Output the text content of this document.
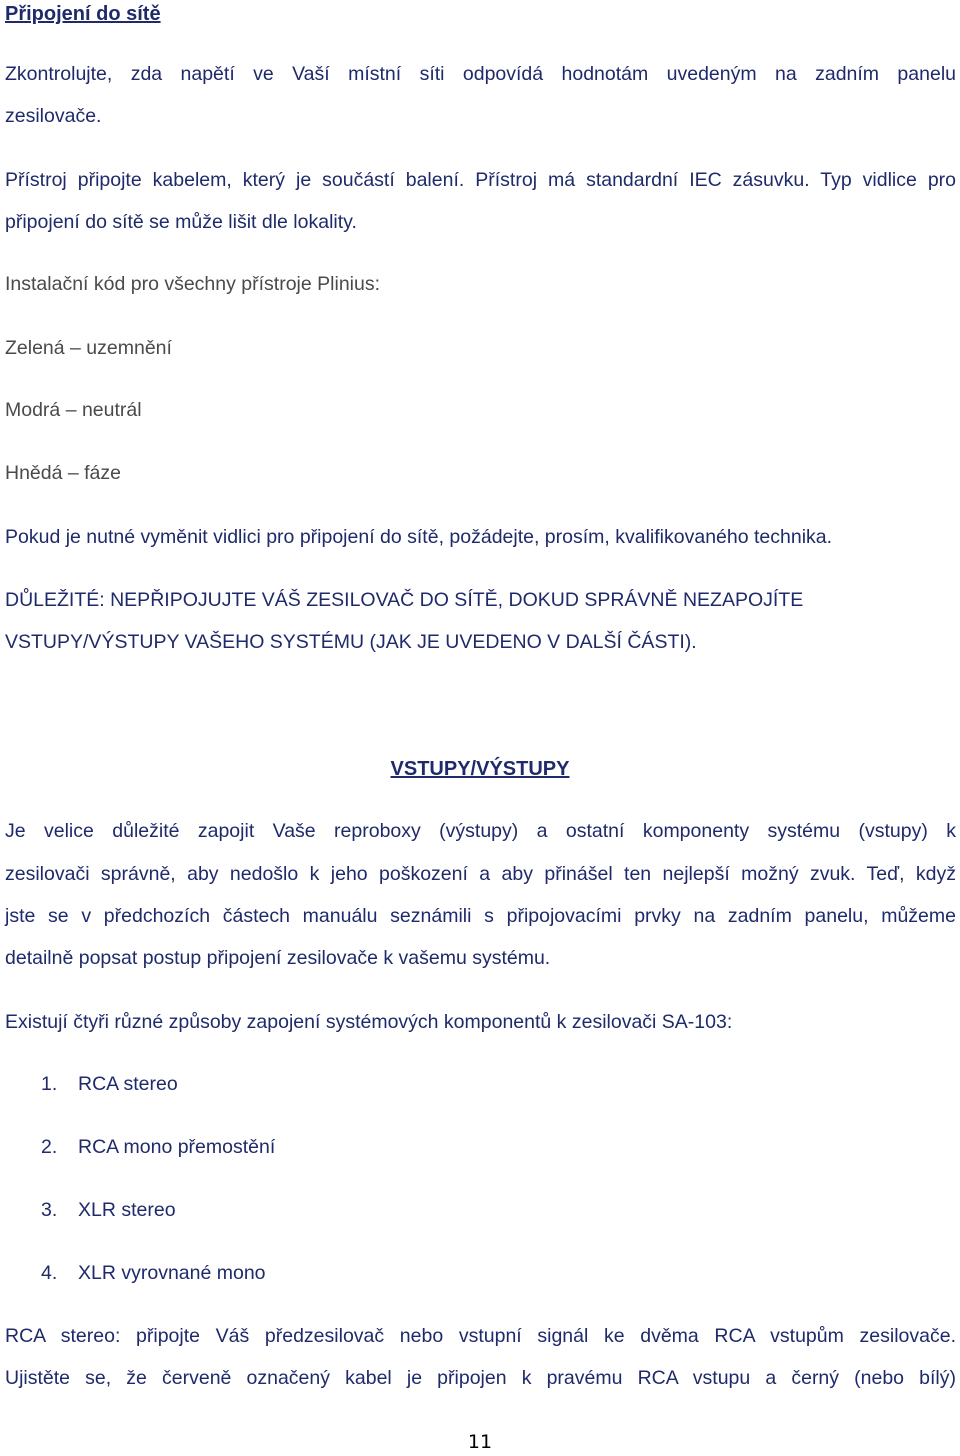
Připojení do sítě

Zkontrolujte, zda napětí ve Vaší místní síti odpovídá hodnotám uvedeným na zadním panelu

zesilovače.

Přístroj připojte kabelem, který je součástí balení. Přístroj má standardní IEC zásuvku. Typ vidlice pro

připojení do sítě se může lišit dle lokality.

Instalační kód pro všechny přístroje Plinius:

Zelená – uzemnění

Modrá – neutrál

Hnědá – fáze

Pokud je nutné vyměnit vidlici pro připojení do sítě, požádejte, prosím, kvalifikovaného technika.

DŮLEŽITÉ: NEPŘIPOJUJTE VÁŠ ZESILOVAČ DO SÍTĚ, DOKUD SPRÁVNĚ NEZAPOJÍTE

VSTUPY/VÝSTUPY VAŠEHO SYSTÉMU (JAK JE UVEDENO V DALŠÍ ČÁSTI).

VSTUPY/VÝSTUPY

Je velice důležité zapojit Vaše reproboxy (výstupy) a ostatní komponenty systému (vstupy) k

zesilovači správně, aby nedošlo k jeho poškození a aby přinášel ten nejlepší možný zvuk. Teď, když

jste se v předchozích částech manuálu seznámili s připojovacími prvky na zadním panelu, můžeme

detailně popsat postup připojení zesilovače k vašemu systému.

Existují čtyři různé způsoby zapojení systémových komponentů k zesilovači SA-103:

1. RCA stereo

2. RCA mono přemostění

3. XLR stereo

4. XLR vyrovnané mono

RCA stereo: připojte Váš předzesilovač nebo vstupní signál ke dvěma RCA vstupům zesilovače.

Ujistěte se, že červeně označený kabel je připojen k pravému RCA vstupu a černý (nebo bílý)

11
